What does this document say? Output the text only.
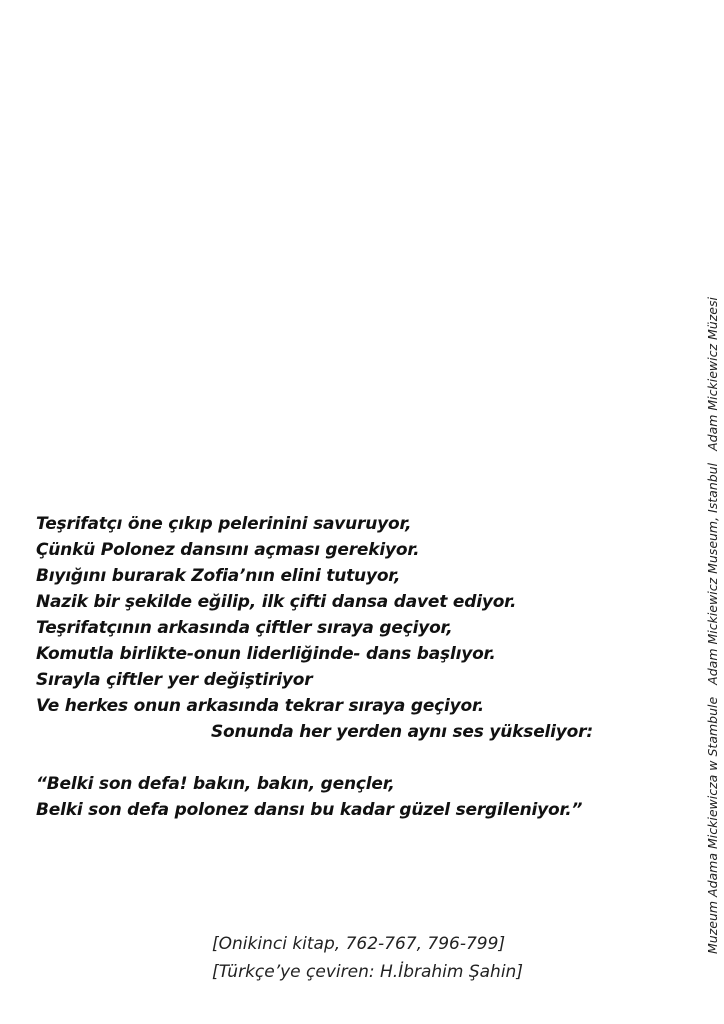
Teşrifatçı öne çıkıp pelerinini savuruyor,
Çünkü Polonez dansını açması gerekiyor.
Bıyığını burarak Zofia’nın elini tutuyor,
Nazik bir şekilde eğilip, ilk çifti dansa davet ediyor.
Teşrifatçının arkasında çiftler sıraya geçiyor,
Komutla birlikte-onun liderliğinde- dans başlıyor.
Sırayla çiftler yer değiştiriyor
Ve herkes onun arkasında tekrar sıraya geçiyor.
Sonunda her yerden aynı ses yükseliyor:
“Belki son defa! bakın, bakın, gençler,
Belki son defa polonez dansı bu kadar güzel sergileniyor.”
[Onikinci kitap, 762-767, 796-799]
[Türkçe’ye çeviren: H.İbrahim Şahin]
Muzeum Adama Mickiewicza w StambuleAdam Mickiewicz Museum, IstanbulAdam Mickiewicz Müzesi
